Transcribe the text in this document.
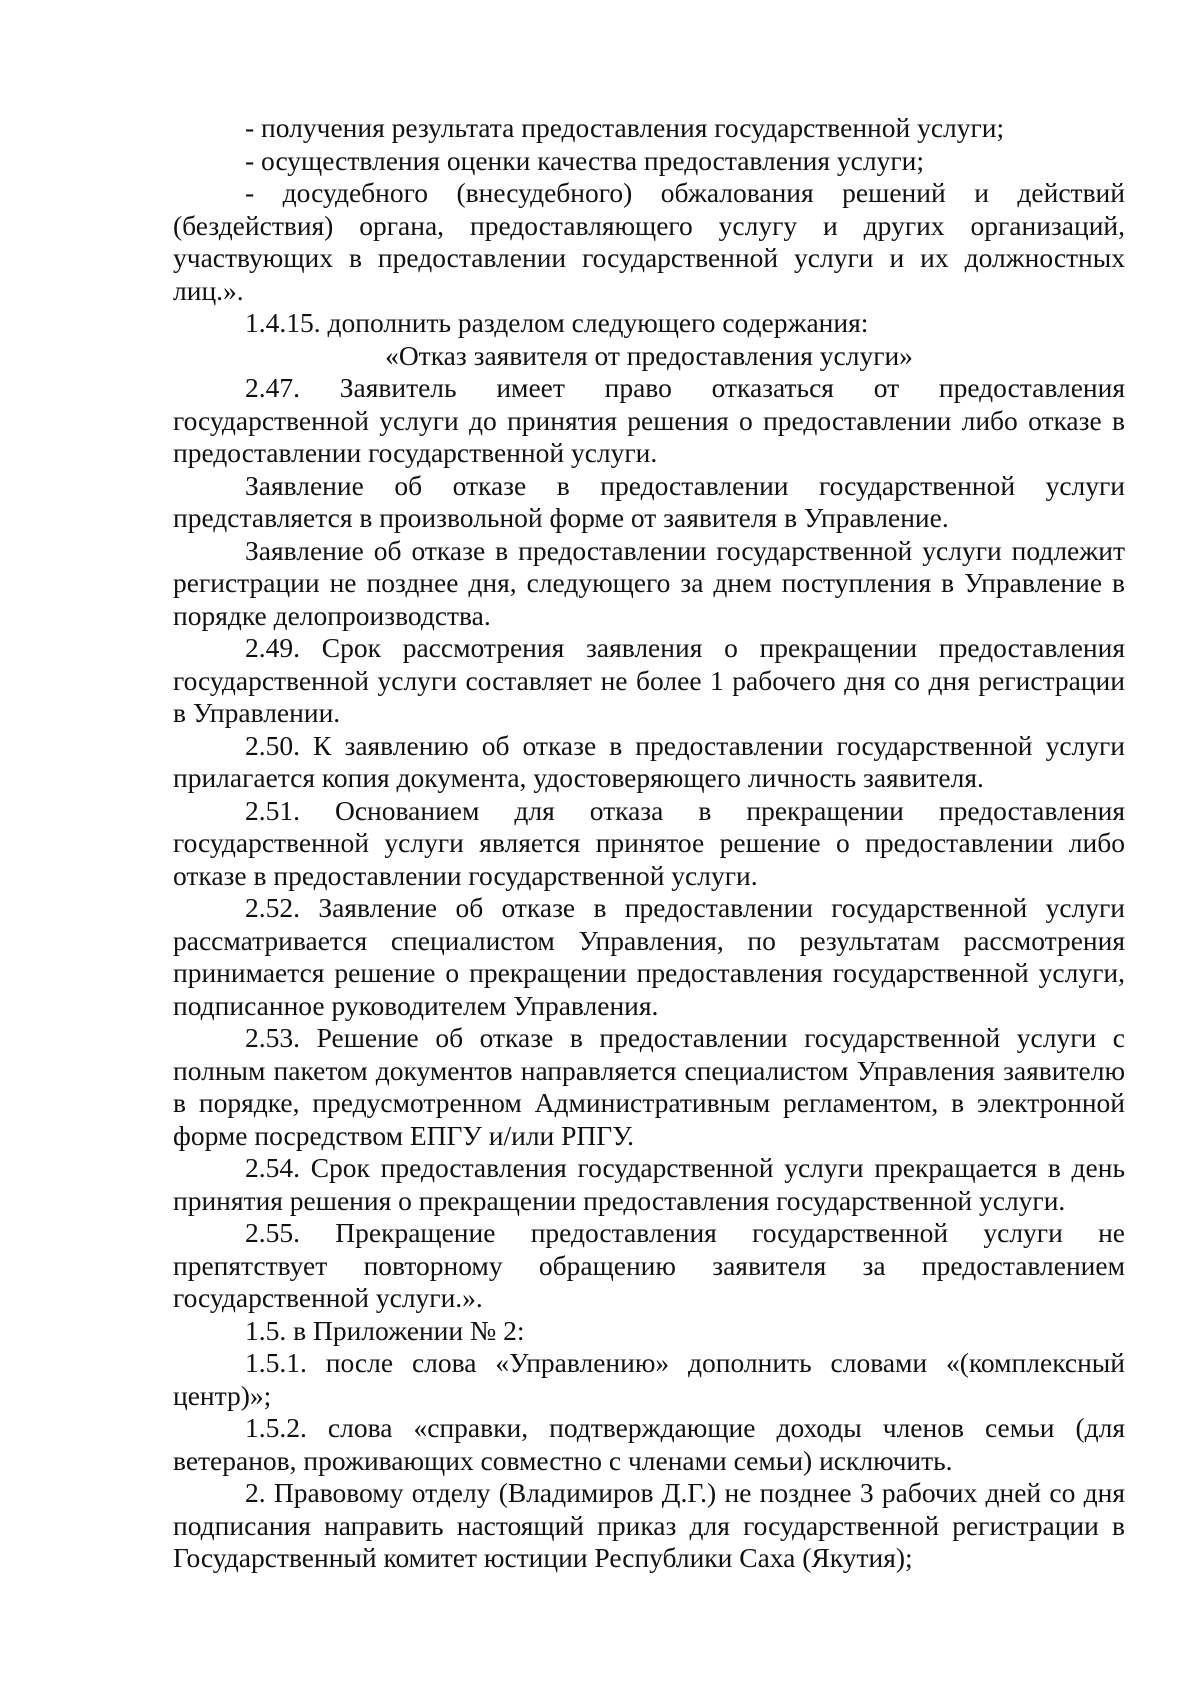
- получения результата предоставления государственной услуги;

- осуществления оценки качества предоставления услуги;

- досудебного (внесудебного) обжалования решений и действий (бездействия) органа, предоставляющего услугу и других организаций, участвующих в предоставлении государственной услуги и их должностных лиц.».

1.4.15. дополнить разделом следующего содержания:

«Отказ заявителя от предоставления услуги»

2.47. Заявитель имеет право отказаться от предоставления государственной услуги до принятия решения о предоставлении либо отказе в предоставлении государственной услуги.

Заявление об отказе в предоставлении государственной услуги представляется в произвольной форме от заявителя в Управление.

Заявление об отказе в предоставлении государственной услуги подлежит регистрации не позднее дня, следующего за днем поступления в Управление в порядке делопроизводства.

2.49. Срок рассмотрения заявления о прекращении предоставления государственной услуги составляет не более 1 рабочего дня со дня регистрации в Управлении.

2.50. К заявлению об отказе в предоставлении государственной услуги прилагается копия документа, удостоверяющего личность заявителя.

2.51. Основанием для отказа в прекращении предоставления государственной услуги является принятое решение о предоставлении либо отказе в предоставлении государственной услуги.

2.52. Заявление об отказе в предоставлении государственной услуги рассматривается специалистом Управления, по результатам рассмотрения принимается решение о прекращении предоставления государственной услуги, подписанное руководителем Управления.

2.53. Решение об отказе в предоставлении государственной услуги с полным пакетом документов направляется специалистом Управления заявителю в порядке, предусмотренном Административным регламентом, в электронной форме посредством ЕПГУ и/или РПГУ.

2.54. Срок предоставления государственной услуги прекращается в день принятия решения о прекращении предоставления государственной услуги.

2.55. Прекращение предоставления государственной услуги не препятствует повторному обращению заявителя за предоставлением государственной услуги.».

1.5. в Приложении № 2:

1.5.1. после слова «Управлению» дополнить словами «(комплексный центр)»;

1.5.2. слова «справки, подтверждающие доходы членов семьи (для ветеранов, проживающих совместно с членами семьи) исключить.

2. Правовому отделу (Владимиров Д.Г.) не позднее 3 рабочих дней со дня подписания направить настоящий приказ для государственной регистрации в Государственный комитет юстиции Республики Саха (Якутия);
